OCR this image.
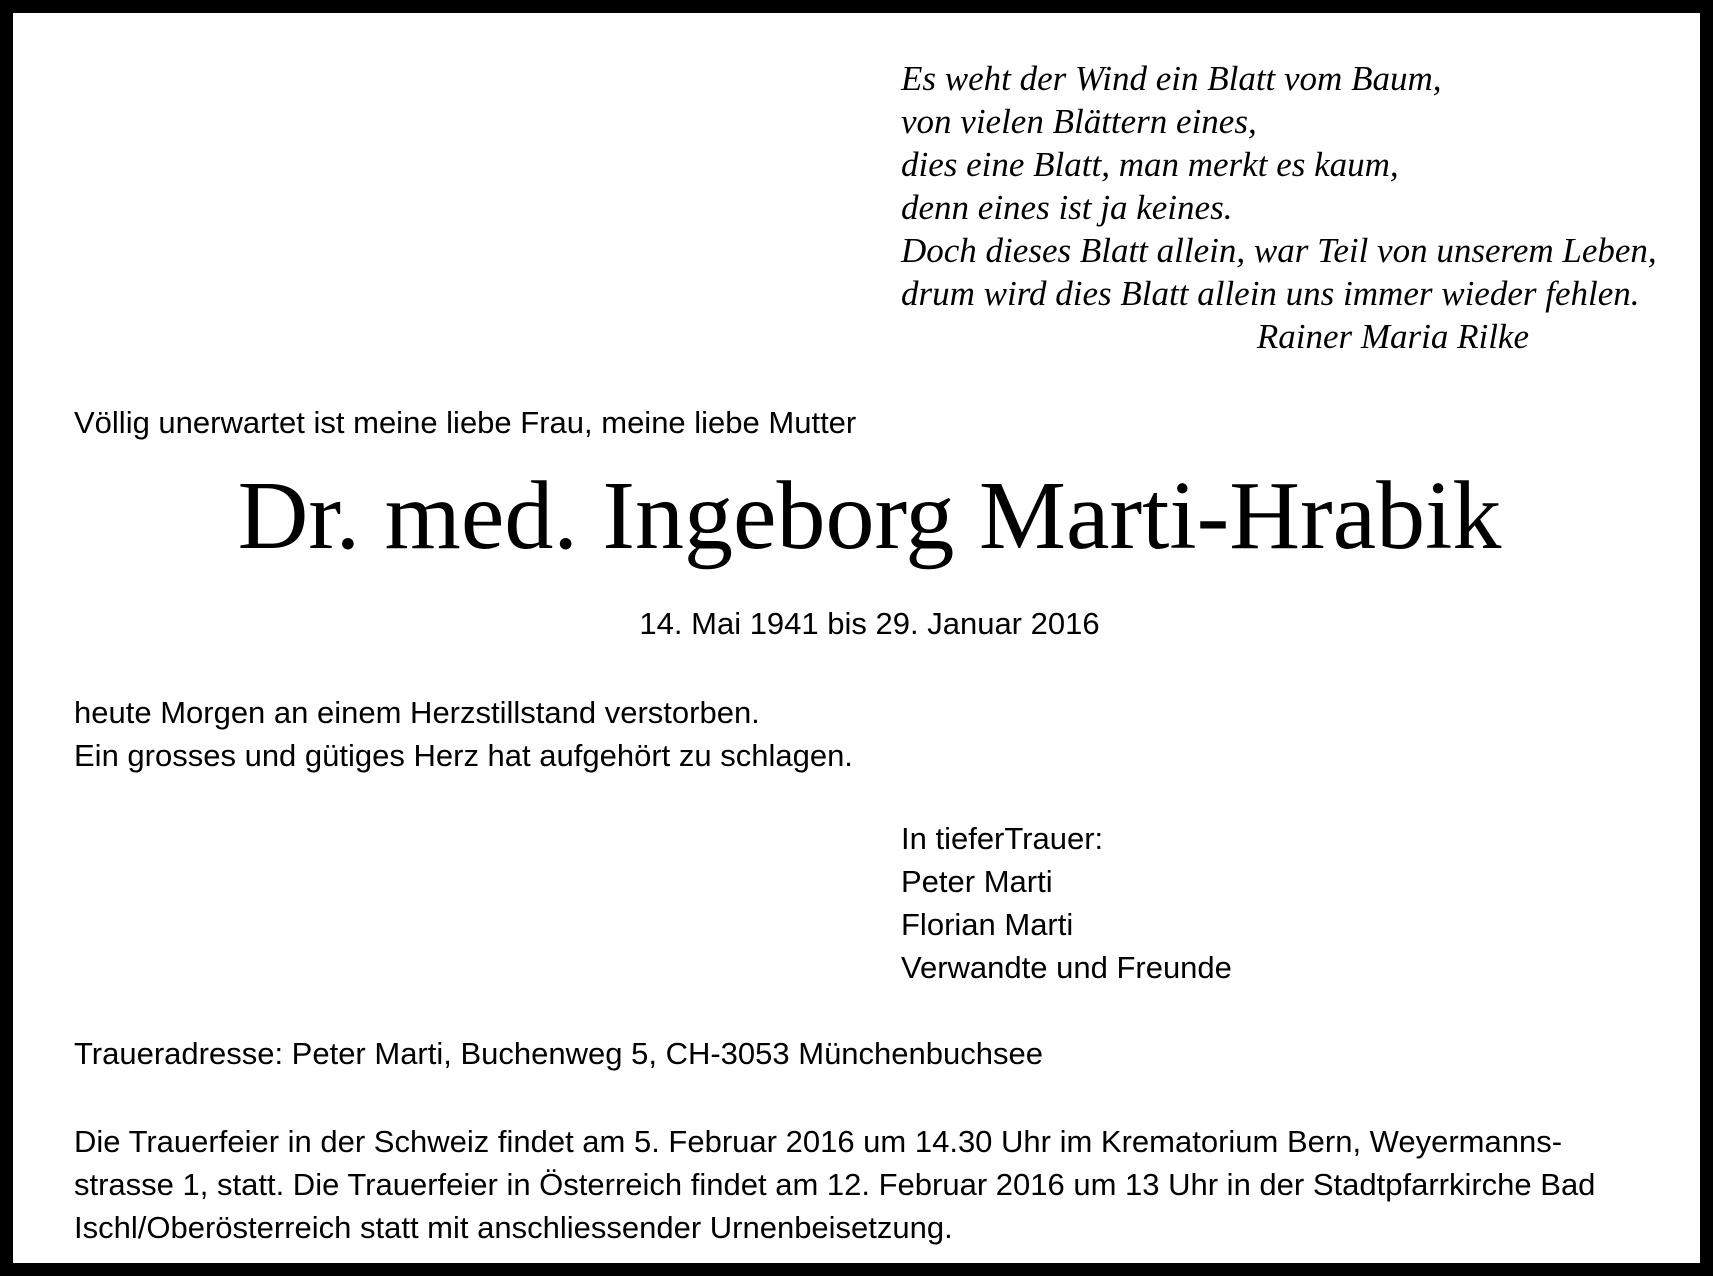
Es weht der Wind ein Blatt vom Baum,
von vielen Blättern eines,
dies eine Blatt, man merkt es kaum,
denn eines ist ja keines.
Doch dieses Blatt allein, war Teil von unserem Leben,
drum wird dies Blatt allein uns immer wieder fehlen.
Rainer Maria Rilke
Völlig unerwartet ist meine liebe Frau, meine liebe Mutter
Dr. med. Ingeborg Marti-Hrabik
14. Mai 1941 bis 29. Januar 2016
heute Morgen an einem Herzstillstand verstorben.
Ein grosses und gütiges Herz hat aufgehört zu schlagen.
In tieferTrauer:
Peter Marti
Florian Marti
Verwandte und Freunde
Traueradresse: Peter Marti, Buchenweg 5, CH-3053 Münchenbuchsee
Die Trauerfeier in der Schweiz findet am 5. Februar 2016 um 14.30 Uhr im Krematorium Bern, Weyermanns-
strasse 1, statt. Die Trauerfeier in Österreich findet am 12. Februar 2016 um 13 Uhr in der Stadtpfarrkirche Bad
Ischl/Oberösterreich statt mit anschliessender Urnenbeisetzung.
